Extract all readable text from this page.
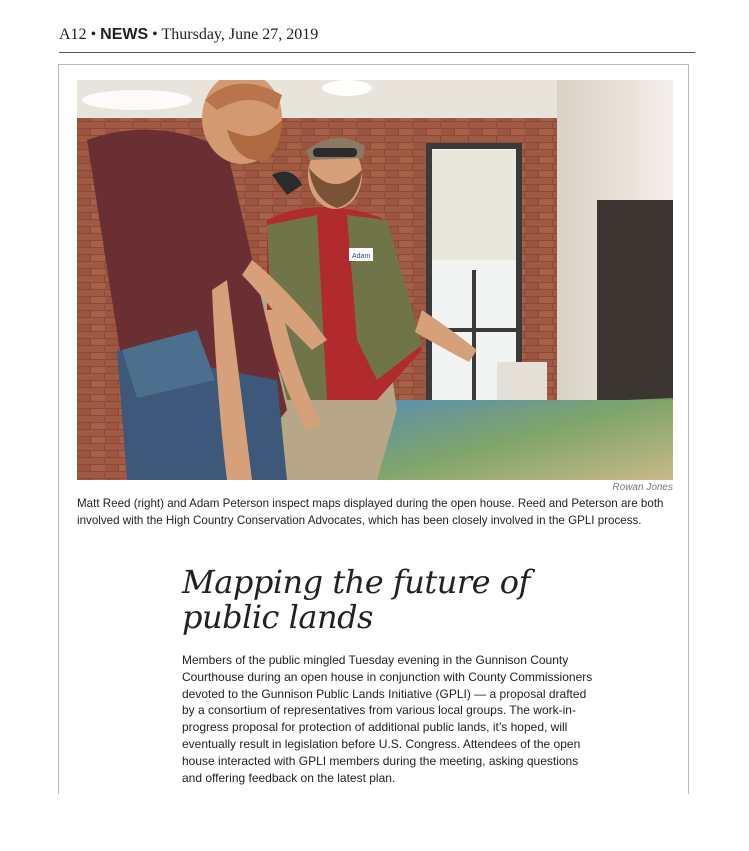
A12 • NEWS • Thursday, June 27, 2019
Adam
Rowan Jones
Matt Reed (right) and Adam Peterson inspect maps displayed during the open house. Reed and Peterson are both involved with the High Country Conservation Advocates, which has been closely involved in the GPLI process.
Mapping the future of public lands
Members of the public mingled Tuesday evening in the Gunnison County Courthouse during an open house in conjunction with County Commissioners devoted to the Gunnison Public Lands Initiative (GPLI) — a proposal drafted by a consortium of representatives from various local groups. The work-in-progress proposal for protection of additional public lands, it’s hoped, will eventually result in legislation before U.S. Congress. Attendees of the open house interacted with GPLI members during the meeting, asking questions and offering feedback on the latest plan.
